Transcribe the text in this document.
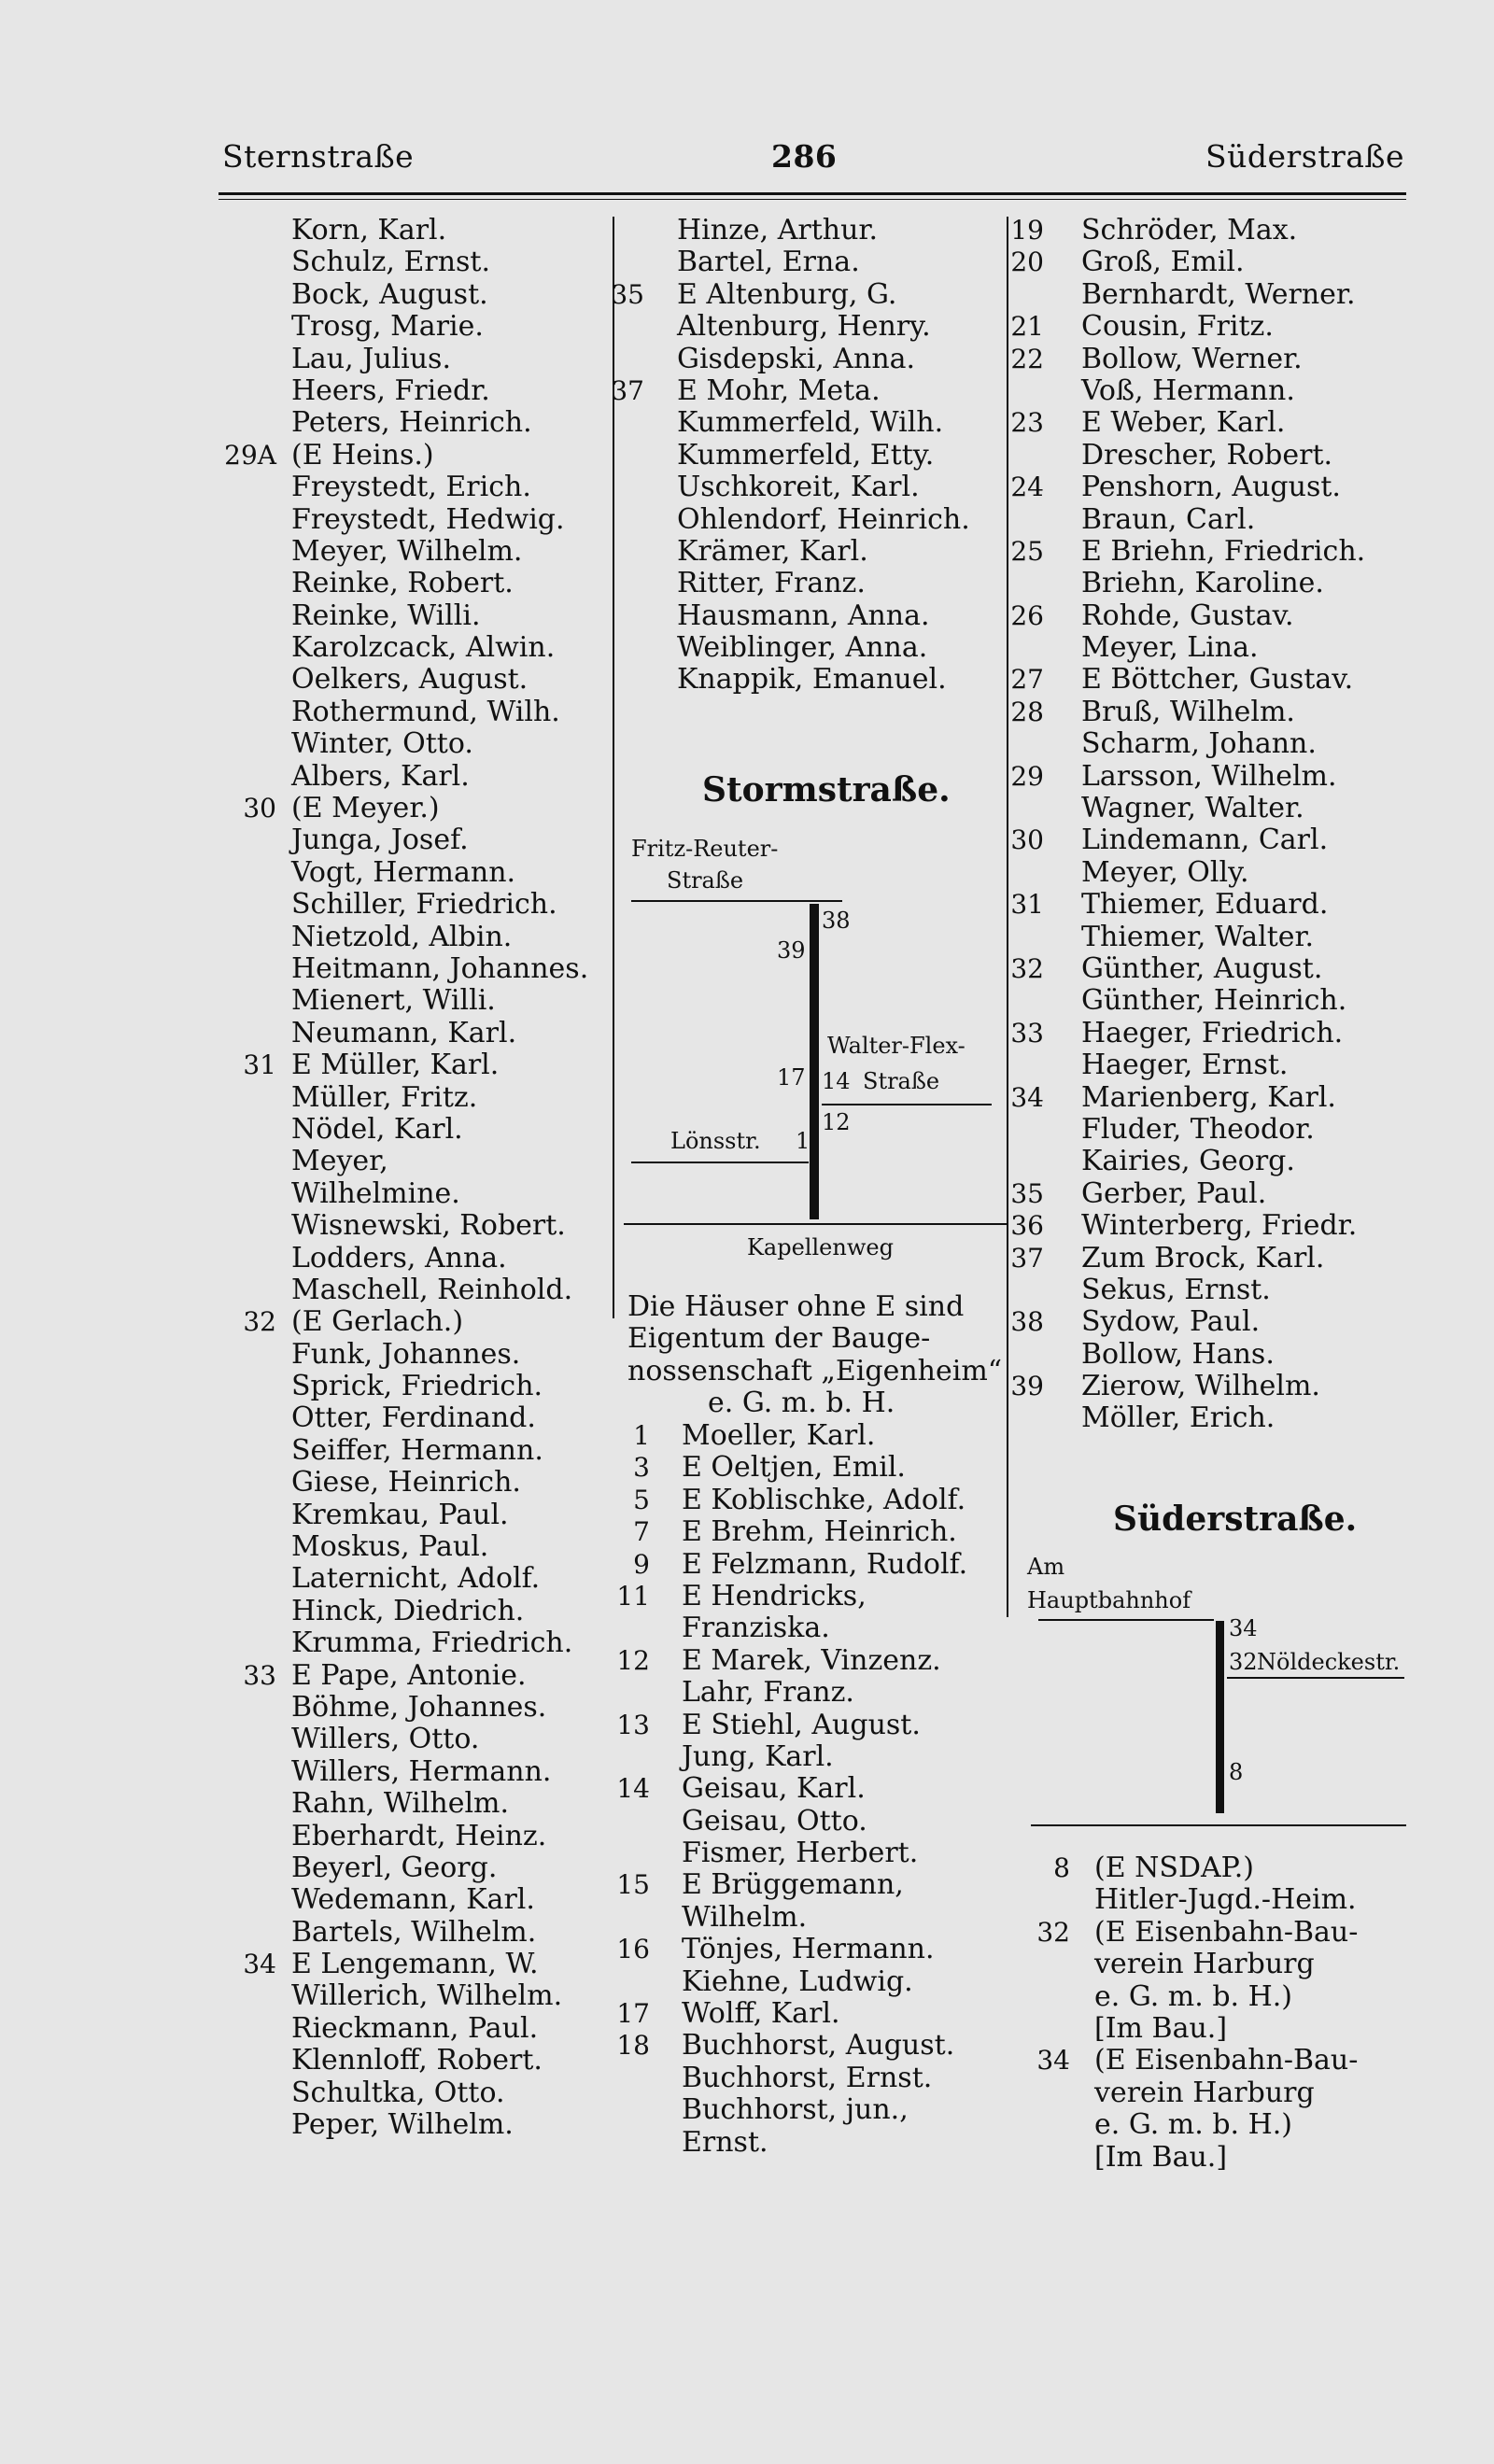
Sternstraße	286	Süderstraße
Korn, Karl.
Schulz, Ernst.
Bock, August.
Trosg, Marie.
Lau, Julius.
Heers, Friedr.
Peters, Heinrich.
29A (E Heins.)
Freystedt, Erich.
Freystedt, Hedwig.
Meyer, Wilhelm.
Reinke, Robert.
Reinke, Willi.
Karolzcack, Alwin.
Oelkers, August.
Rothermund, Wilh.
Winter, Otto.
Albers, Karl.
30 (E Meyer.)
Junga, Josef.
Vogt, Hermann.
Schiller, Friedrich.
Nietzold, Albin.
Heitmann, Johannes.
Mienert, Willi.
Neumann, Karl.
31 E Müller, Karl.
Müller, Fritz.
Nödel, Karl.
Meyer,
Wilhelmine.
Wisnewski, Robert.
Lodders, Anna.
Maschell, Reinhold.
32 (E Gerlach.)
Funk, Johannes.
Sprick, Friedrich.
Otter, Ferdinand.
Seiffer, Hermann.
Giese, Heinrich.
Kremkau, Paul.
Moskus, Paul.
Laternicht, Adolf.
Hinck, Diedrich.
Krumma, Friedrich.
33 E Pape, Antonie.
Böhme, Johannes.
Willers, Otto.
Willers, Hermann.
Rahn, Wilhelm.
Eberhardt, Heinz.
Beyerl, Georg.
Wedemann, Karl.
Bartels, Wilhelm.
34 E Lengemann, W.
Willerich, Wilhelm.
Rieckmann, Paul.
Klennloff, Robert.
Schultka, Otto.
Peper, Wilhelm.
Hinze, Arthur.
Bartel, Erna.
35 E Altenburg, G.
Altenburg, Henry.
Gisdepski, Anna.
37 E Mohr, Meta.
Kummerfeld, Wilh.
Kummerfeld, Etty.
Uschkoreit, Karl.
Ohlendorf, Heinrich.
Krämer, Karl.
Ritter, Franz.
Hausmann, Anna.
Weiblinger, Anna.
Knappik, Emanuel.
Stormstraße.
Fritz-Reuter-
Straße
38
39
Walter-Flex-
17 14 Straße
12
Lönsstr. 1
Kapellenweg
Die Häuser ohne E sind
Eigentum der Bauge-
nossenschaft „Eigenheim“
e. G. m. b. H.
1 Moeller, Karl.
3 E Oeltjen, Emil.
5 E Koblischke, Adolf.
7 E Brehm, Heinrich.
9 E Felzmann, Rudolf.
11 E Hendricks,
Franziska.
12 E Marek, Vinzenz.
Lahr, Franz.
13 E Stiehl, August.
Jung, Karl.
14 Geisau, Karl.
Geisau, Otto.
Fismer, Herbert.
15 E Brüggemann,
Wilhelm.
16 Tönjes, Hermann.
Kiehne, Ludwig.
17 Wolff, Karl.
18 Buchhorst, August.
Buchhorst, Ernst.
Buchhorst, jun.,
Ernst.
19 Schröder, Max.
20 Groß, Emil.
Bernhardt, Werner.
21 Cousin, Fritz.
22 Bollow, Werner.
Voß, Hermann.
23 E Weber, Karl.
Drescher, Robert.
24 Penshorn, August.
Braun, Carl.
25 E Briehn, Friedrich.
Briehn, Karoline.
26 Rohde, Gustav.
Meyer, Lina.
27 E Böttcher, Gustav.
28 Bruß, Wilhelm.
Scharm, Johann.
29 Larsson, Wilhelm.
Wagner, Walter.
30 Lindemann, Carl.
Meyer, Olly.
31 Thiemer, Eduard.
Thiemer, Walter.
32 Günther, August.
Günther, Heinrich.
33 Haeger, Friedrich.
Haeger, Ernst.
34 Marienberg, Karl.
Fluder, Theodor.
Kairies, Georg.
35 Gerber, Paul.
36 Winterberg, Friedr.
37 Zum Brock, Karl.
Sekus, Ernst.
38 Sydow, Paul.
Bollow, Hans.
39 Zierow, Wilhelm.
Möller, Erich.
Süderstraße.
Am
Hauptbahnhof
34
32 Nöldeckestr.
8
8 (E NSDAP.)
Hitler-Jugd.-Heim.
32 (E Eisenbahn-Bau-
verein Harburg
e. G. m. b. H.)
[Im Bau.]
34 (E Eisenbahn-Bau-
verein Harburg
e. G. m. b. H.)
[Im Bau.]
